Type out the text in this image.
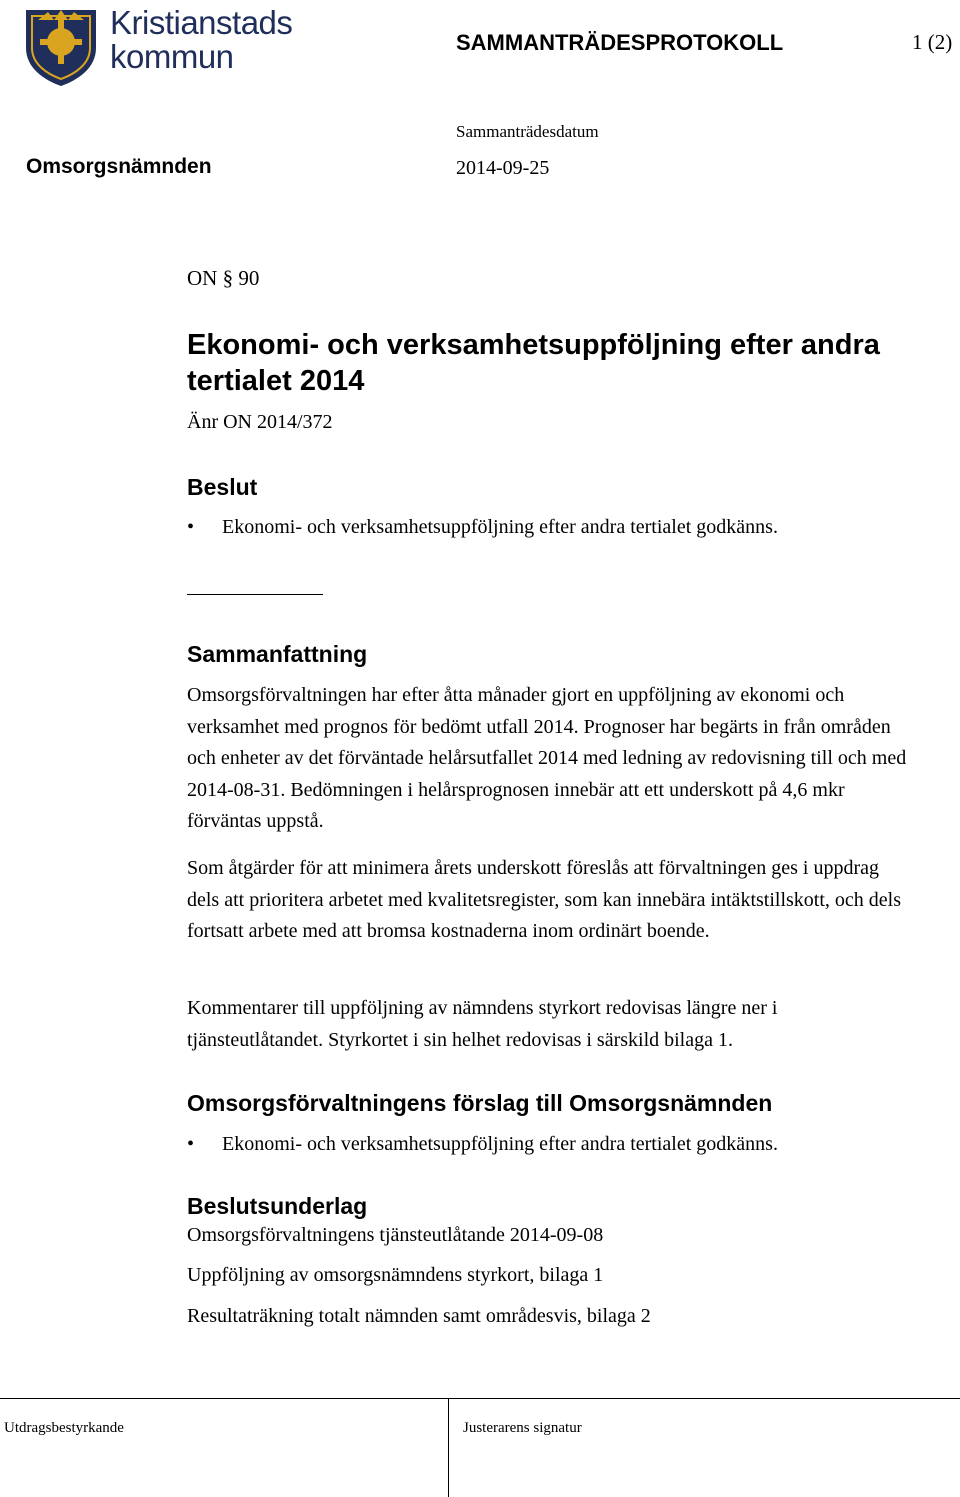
Kristianstads
kommun	SAMMANTRÄDESPROTOKOLL	1 (2)
Sammanträdesdatum
Omsorgsnämnden	2014-09-25
ON § 90
Ekonomi- och verksamhetsuppföljning efter andra tertialet 2014
Änr ON 2014/372
Beslut
•	Ekonomi- och verksamhetsuppföljning efter andra tertialet godkänns.
Sammanfattning
Omsorgsförvaltningen har efter åtta månader gjort en uppföljning av ekonomi och verksamhet med prognos för bedömt utfall 2014. Prognoser har begärts in från områden och enheter av det förväntade helårsutfallet 2014 med ledning av redovisning till och med 2014-08-31. Bedömningen i helårsprognosen innebär att ett underskott på 4,6 mkr förväntas uppstå.
Som åtgärder för att minimera årets underskott föreslås att förvaltningen ges i uppdrag dels att prioritera arbetet med kvalitetsregister, som kan innebära intäktstillskott, och dels fortsatt arbete med att bromsa kostnaderna inom ordinärt boende.
Kommentarer till uppföljning av nämndens styrkort redovisas längre ner i tjänsteutlåtandet. Styrkortet i sin helhet redovisas i särskild bilaga 1.
Omsorgsförvaltningens förslag till Omsorgsnämnden
•	Ekonomi- och verksamhetsuppföljning efter andra tertialet godkänns.
Beslutsunderlag
Omsorgsförvaltningens tjänsteutlåtande 2014-09-08
Uppföljning av omsorgsnämndens styrkort, bilaga 1
Resultaträkning totalt nämnden samt områdesvis, bilaga 2
Utdragsbestyrkande	Justerarens signatur
